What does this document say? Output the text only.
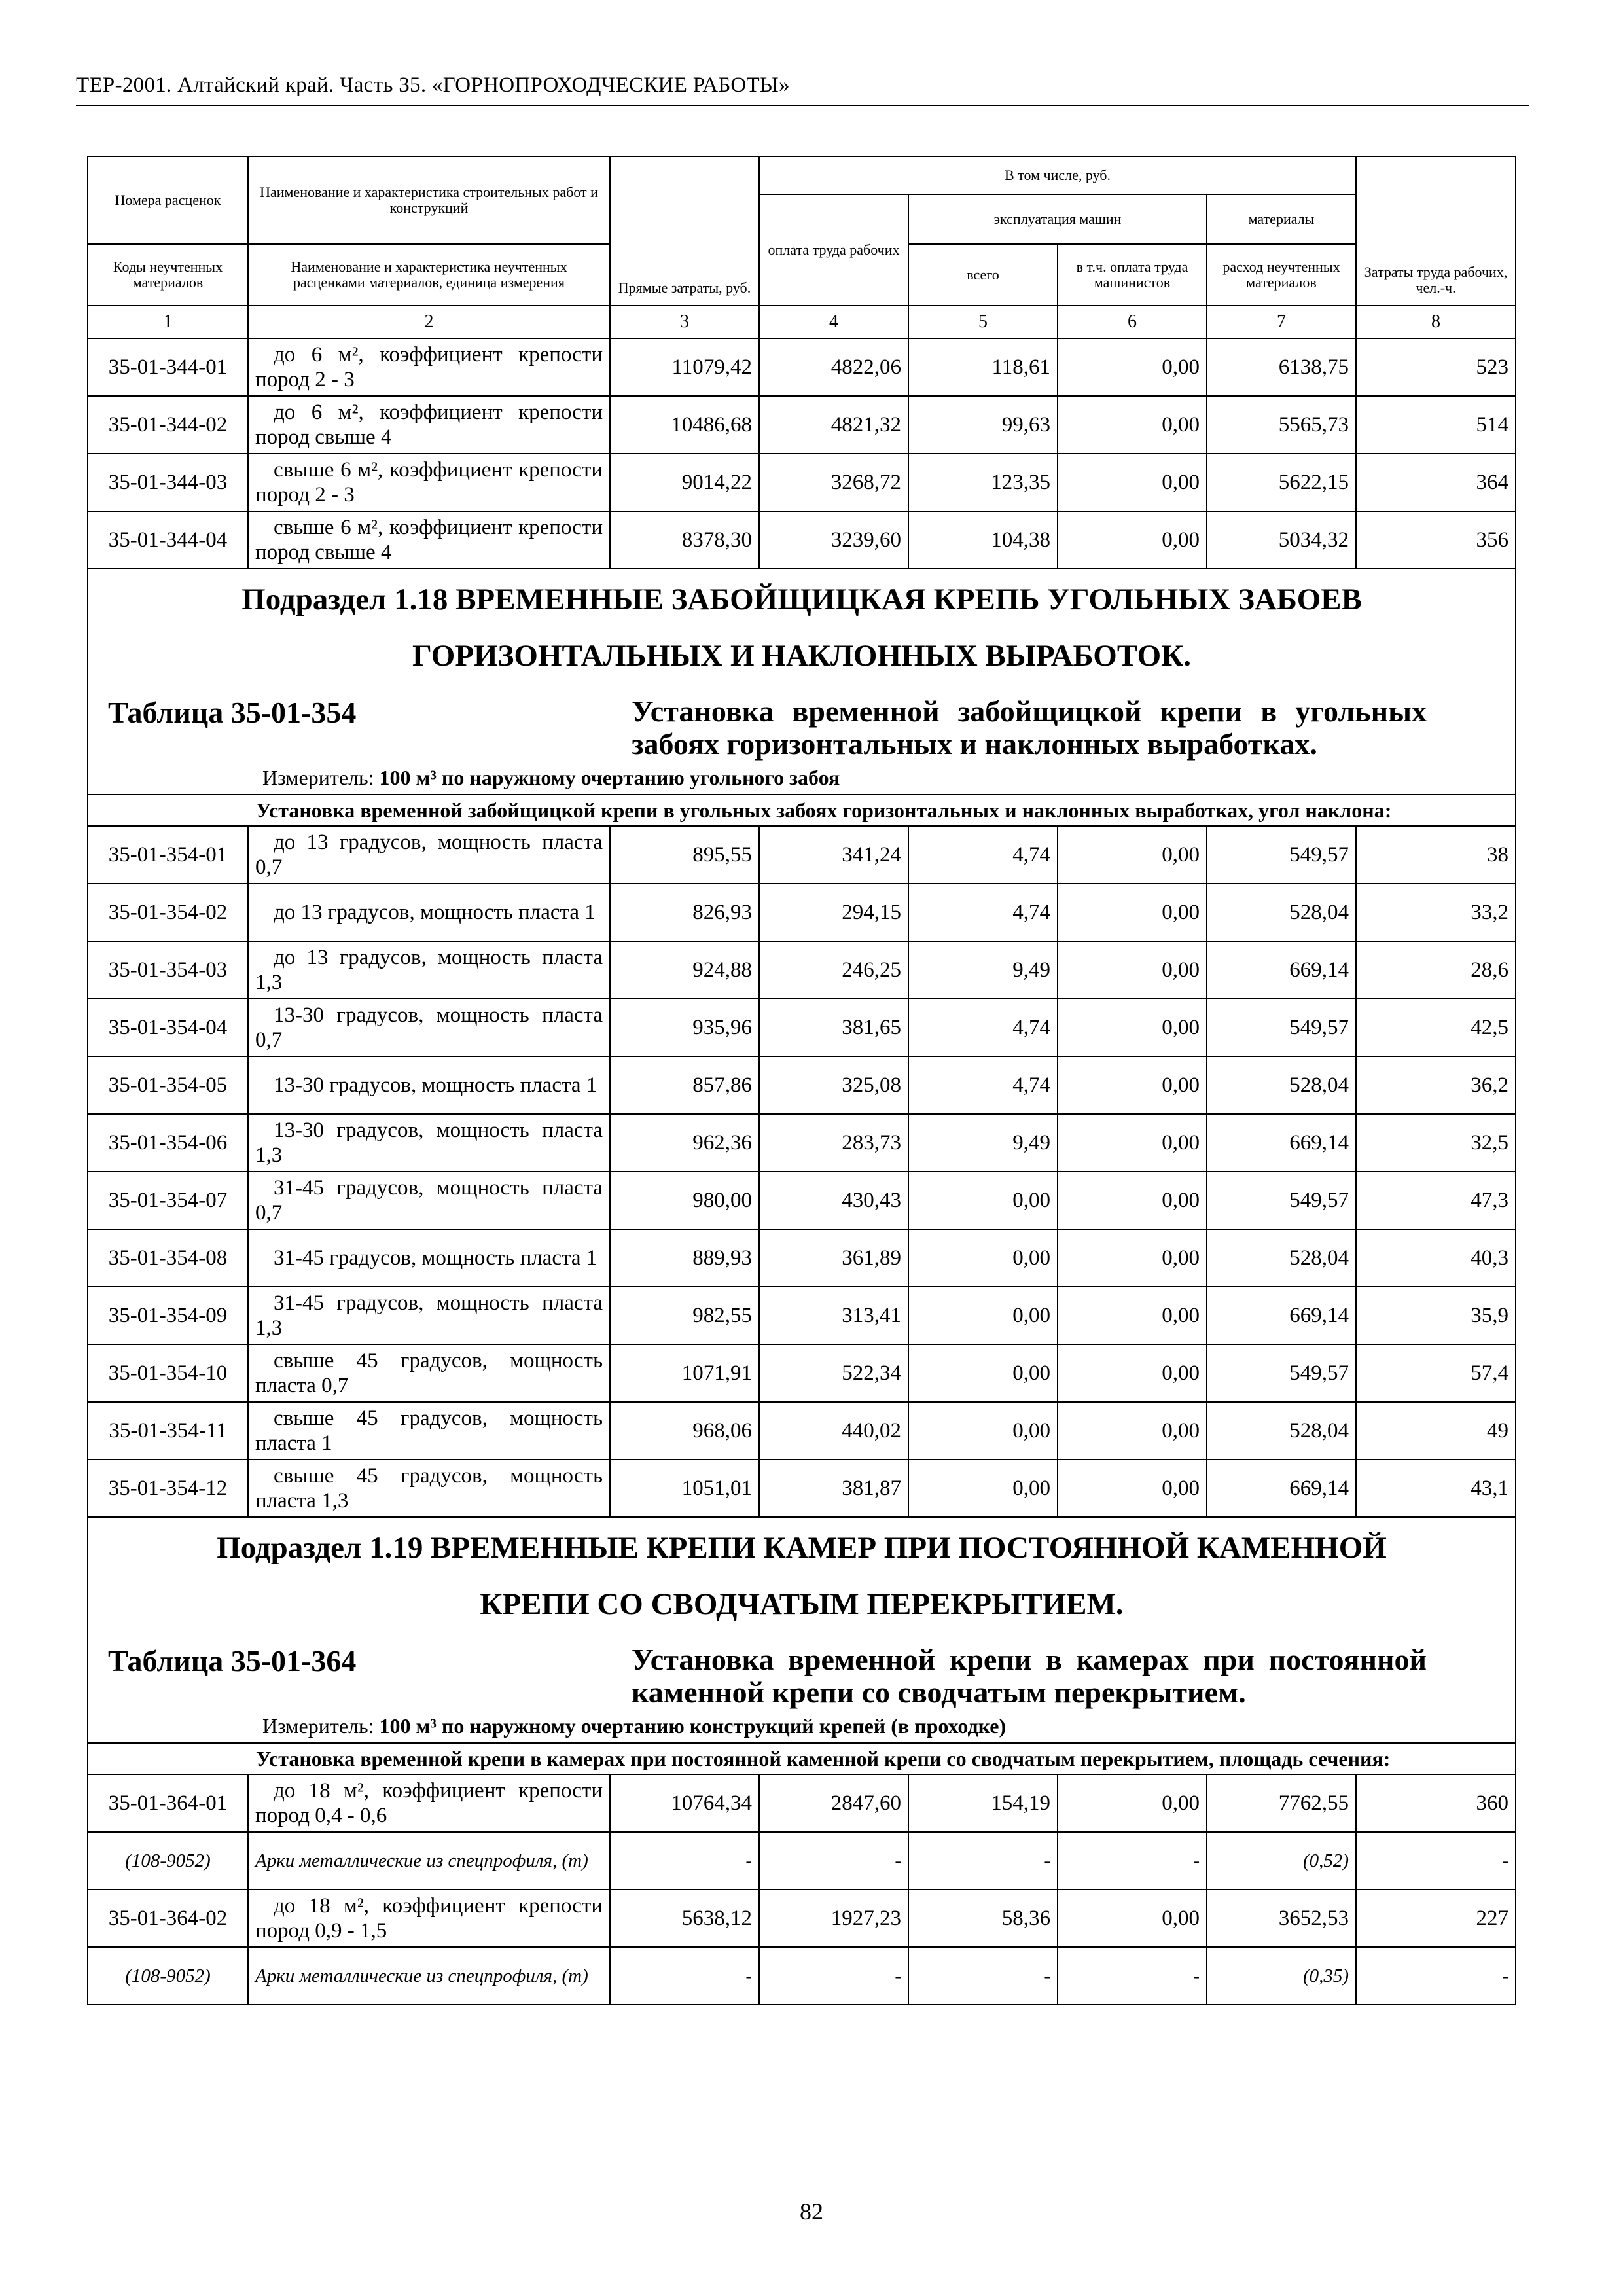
ТЕР-2001. Алтайский край. Часть 35. «ГОРНОПРОХОДЧЕСКИЕ РАБОТЫ»
Номера расценок	Наименование и характеристика строительных работ и конструкций	Прямые затраты, руб.	В том числе, руб.				Затраты труда рабочих, чел.-ч.
			оплата труда рабочих	эксплуатация машин		материалы	
				всего	в т.ч. оплата труда машинистов	расход неучтенных материалов	
Коды неучтенных материалов	Наименование и характеристика неучтенных расценками материалов, единица измерения						
1	2	3	4	5	6	7	8
35-01-344-01	до 6 м², коэффициент крепости пород 2 - 3	11079,42	4822,06	118,61	0,00	6138,75	523
35-01-344-02	до 6 м², коэффициент крепости пород свыше 4	10486,68	4821,32	99,63	0,00	5565,73	514
35-01-344-03	свыше 6 м², коэффициент крепости пород 2 - 3	9014,22	3268,72	123,35	0,00	5622,15	364
35-01-344-04	свыше 6 м², коэффициент крепости пород свыше 4	8378,30	3239,60	104,38	0,00	5034,32	356

Подраздел 1.18 ВРЕМЕННЫЕ ЗАБОЙЩИЦКАЯ КРЕПЬ УГОЛЬНЫХ ЗАБОЕВ
ГОРИЗОНТАЛЬНЫХ И НАКЛОННЫХ ВЫРАБОТОК.
Таблица 35-01-354 Установка временной забойщицкой крепи в угольных забоях горизонтальных и наклонных выработках.
Измеритель: 100 м³ по наружному очертанию угольного забоя							

Установка временной забойщицкой крепи в угольных забоях горизонтальных и наклонных выработках, угол наклона:							
35-01-354-01	до 13 градусов, мощность пласта 0,7	895,55	341,24	4,74	0,00	549,57	38
35-01-354-02	до 13 градусов, мощность пласта 1	826,93	294,15	4,74	0,00	528,04	33,2
35-01-354-03	до 13 градусов, мощность пласта 1,3	924,88	246,25	9,49	0,00	669,14	28,6
35-01-354-04	13-30 градусов, мощность пласта 0,7	935,96	381,65	4,74	0,00	549,57	42,5
35-01-354-05	13-30 градусов, мощность пласта 1	857,86	325,08	4,74	0,00	528,04	36,2
35-01-354-06	13-30 градусов, мощность пласта 1,3	962,36	283,73	9,49	0,00	669,14	32,5
35-01-354-07	31-45 градусов, мощность пласта 0,7	980,00	430,43	0,00	0,00	549,57	47,3
35-01-354-08	31-45 градусов, мощность пласта 1	889,93	361,89	0,00	0,00	528,04	40,3
35-01-354-09	31-45 градусов, мощность пласта 1,3	982,55	313,41	0,00	0,00	669,14	35,9
35-01-354-10	свыше 45 градусов, мощность пласта 0,7	1071,91	522,34	0,00	0,00	549,57	57,4
35-01-354-11	свыше 45 градусов, мощность пласта 1	968,06	440,02	0,00	0,00	528,04	49
35-01-354-12	свыше 45 градусов, мощность пласта 1,3	1051,01	381,87	0,00	0,00	669,14	43,1

Подраздел 1.19 ВРЕМЕННЫЕ КРЕПИ КАМЕР ПРИ ПОСТОЯННОЙ КАМЕННОЙ
КРЕПИ СО СВОДЧАТЫМ ПЕРЕКРЫТИЕМ.
Таблица 35-01-364 Установка временной крепи в камерах при постоянной каменной крепи со сводчатым перекрытием.
Измеритель: 100 м³ по наружному очертанию конструкций крепей (в проходке)							

Установка временной крепи в камерах при постоянной каменной крепи со сводчатым перекрытием, площадь сечения:							
35-01-364-01	до 18 м², коэффициент крепости пород 0,4 - 0,6	10764,34	2847,60	154,19	0,00	7762,55	360
(108-9052)	Арки металлические из спецпрофиля, (т)	-	-	-	-	(0,52)	-
35-01-364-02	до 18 м², коэффициент крепости пород 0,9 - 1,5	5638,12	1927,23	58,36	0,00	3652,53	227
(108-9052)	Арки металлические из спецпрофиля, (т)	-	-	-	-	(0,35)	-
82
